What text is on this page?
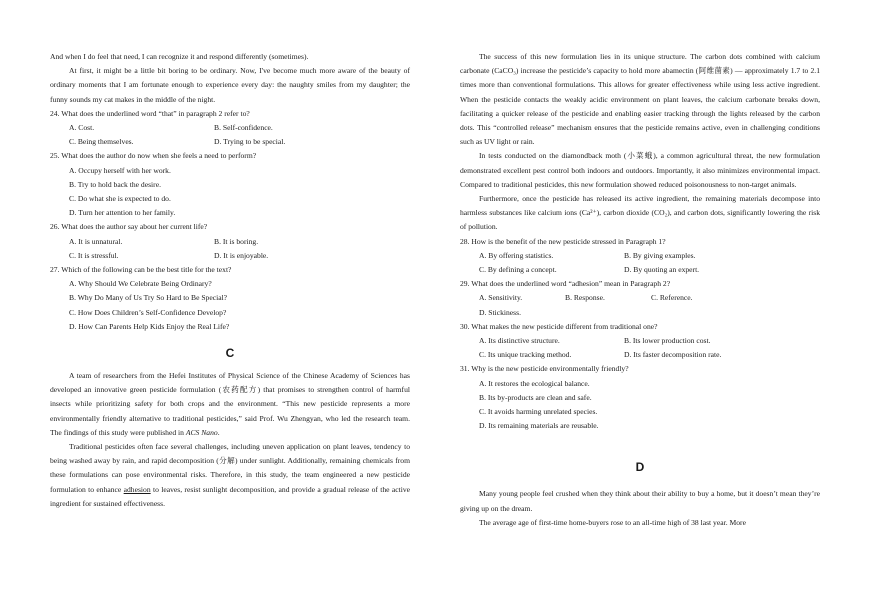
And when I do feel that need, I can recognize it and respond differently (sometimes).

At first, it might be a little bit boring to be ordinary. Now, I've become much more aware of the beauty of ordinary moments that I am fortunate enough to experience every day: the naughty smiles from my daughter; the funny sounds my cat makes in the middle of the night.

24. What does the underlined word “that” in paragraph 2 refer to?

A. Cost.	B. Self-confidence.
C. Being themselves.	D. Trying to be special.

25. What does the author do now when she feels a need to perform?

A. Occupy herself with her work.
B. Try to hold back the desire.
C. Do what she is expected to do.
D. Turn her attention to her family.

26. What does the author say about her current life?

A. It is unnatural.	B. It is boring.
C. It is stressful.	D. It is enjoyable.

27. Which of the following can be the best title for the text?

A. Why Should We Celebrate Being Ordinary?
B. Why Do Many of Us Try So Hard to Be Special?
C. How Does Children’s Self-Confidence Develop?
D. How Can Parents Help Kids Enjoy the Real Life?
C

A team of researchers from the Hefei Institutes of Physical Science of the Chinese Academy of Sciences has developed an innovative green pesticide formulation (农药配方) that promises to strengthen control of harmful insects while prioritizing safety for both crops and the environment. “This new pesticide represents a more environmentally friendly alternative to traditional pesticides,” said Prof. Wu Zhengyan, who led the research team. The findings of this study were published in ACS Nano.

Traditional pesticides often face several challenges, including uneven application on plant leaves, tendency to being washed away by rain, and rapid decomposition (分解) under sunlight. Additionally, remaining chemicals from these formulations can pose environmental risks. Therefore, in this study, the team engineered a new pesticide formulation to enhance adhesion to leaves, resist sunlight decomposition, and provide a gradual release of the active ingredient for sustained effectiveness.

The success of this new formulation lies in its unique structure. The carbon dots combined with calcium carbonate (CaCO₃) increase the pesticide’s capacity to hold more abamectin (阿维菌素) — approximately 1.7 to 2.1 times more than conventional formulations. This allows for greater effectiveness while using less active ingredient. When the pesticide contacts the weakly acidic environment on plant leaves, the calcium carbonate breaks down, facilitating a quicker release of the pesticide and enabling easier tracking through the lights released by the carbon dots. This “controlled release” mechanism ensures that the pesticide remains active, even in challenging conditions such as UV light or rain.

In tests conducted on the diamondback moth (小菜蛾), a common agricultural threat, the new formulation demonstrated excellent pest control both indoors and outdoors. Importantly, it also minimizes environmental impact. Compared to traditional pesticides, this new formulation showed reduced poisonousness to non-target animals.

Furthermore, once the pesticide has released its active ingredient, the remaining materials decompose into harmless substances like calcium ions (Ca²⁺), carbon dioxide (CO₂), and carbon dots, significantly lowering the risk of pollution.

28. How is the benefit of the new pesticide stressed in Paragraph 1?

A. By offering statistics.	B. By giving examples.
C. By defining a concept.	D. By quoting an expert.

29. What does the underlined word “adhesion” mean in Paragraph 2?

A. Sensitivity.	B. Response.	C. Reference.
D. Stickiness.

30. What makes the new pesticide different from traditional one?

A. Its distinctive structure.	B. Its lower production cost.
C. Its unique tracking method.	D. Its faster decomposition rate.

31. Why is the new pesticide environmentally friendly?

A. It restores the ecological balance.
B. Its by-products are clean and safe.
C. It avoids harming unrelated species.
D. Its remaining materials are reusable.
D

Many young people feel crushed when they think about their ability to buy a home, but it doesn’t mean they’re giving up on the dream.

The average age of first-time home-buyers rose to an all-time high of 38 last year. More
